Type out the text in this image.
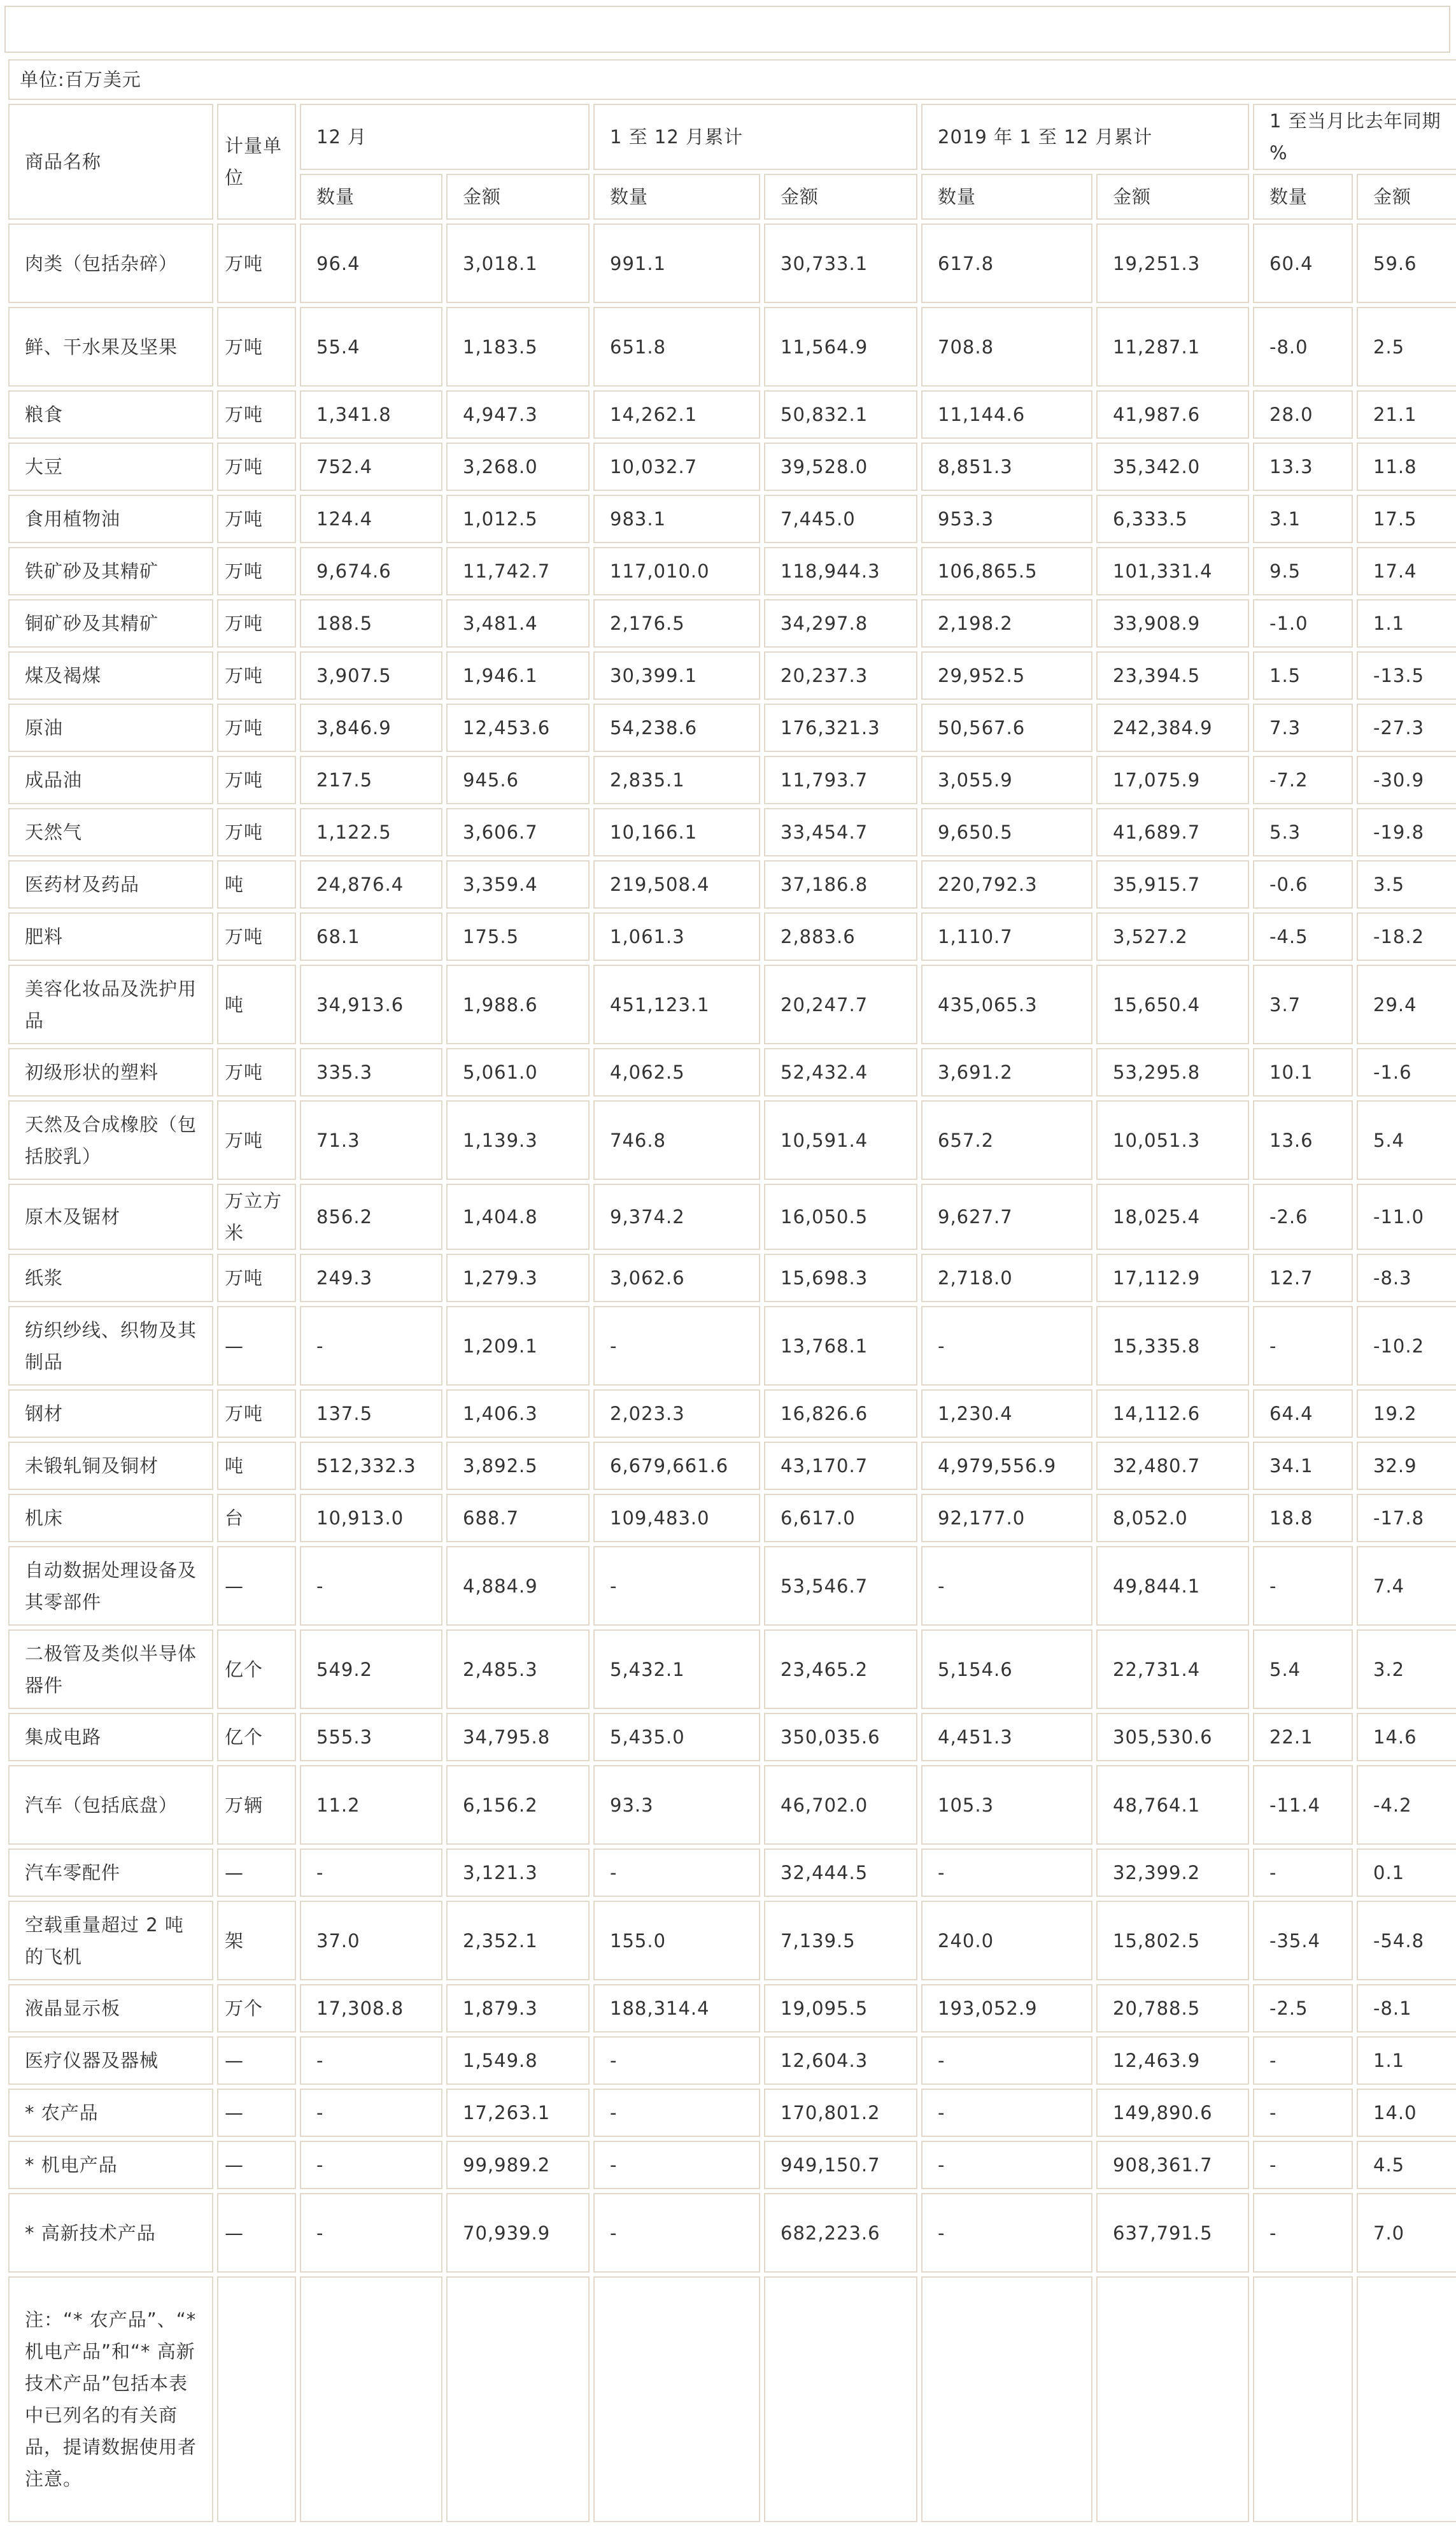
单位:百万美元									
商品名称	计量单位	12 月		1 至 12 月累计		2019 年 1 至 12 月累计		1 至当月比去年同期 %	
		数量	金额	数量	金额	数量	金额	数量	金额
肉类（包括杂碎）	万吨	96.4	3,018.1	991.1	30,733.1	617.8	19,251.3	60.4	59.6
鲜、干水果及坚果	万吨	55.4	1,183.5	651.8	11,564.9	708.8	11,287.1	-8.0	2.5
粮食	万吨	1,341.8	4,947.3	14,262.1	50,832.1	11,144.6	41,987.6	28.0	21.1
大豆	万吨	752.4	3,268.0	10,032.7	39,528.0	8,851.3	35,342.0	13.3	11.8
食用植物油	万吨	124.4	1,012.5	983.1	7,445.0	953.3	6,333.5	3.1	17.5
铁矿砂及其精矿	万吨	9,674.6	11,742.7	117,010.0	118,944.3	106,865.5	101,331.4	9.5	17.4
铜矿砂及其精矿	万吨	188.5	3,481.4	2,176.5	34,297.8	2,198.2	33,908.9	-1.0	1.1
煤及褐煤	万吨	3,907.5	1,946.1	30,399.1	20,237.3	29,952.5	23,394.5	1.5	-13.5
原油	万吨	3,846.9	12,453.6	54,238.6	176,321.3	50,567.6	242,384.9	7.3	-27.3
成品油	万吨	217.5	945.6	2,835.1	11,793.7	3,055.9	17,075.9	-7.2	-30.9
天然气	万吨	1,122.5	3,606.7	10,166.1	33,454.7	9,650.5	41,689.7	5.3	-19.8
医药材及药品	吨	24,876.4	3,359.4	219,508.4	37,186.8	220,792.3	35,915.7	-0.6	3.5
肥料	万吨	68.1	175.5	1,061.3	2,883.6	1,110.7	3,527.2	-4.5	-18.2
美容化妆品及洗护用品	吨	34,913.6	1,988.6	451,123.1	20,247.7	435,065.3	15,650.4	3.7	29.4
初级形状的塑料	万吨	335.3	5,061.0	4,062.5	52,432.4	3,691.2	53,295.8	10.1	-1.6
天然及合成橡胶（包括胶乳）	万吨	71.3	1,139.3	746.8	10,591.4	657.2	10,051.3	13.6	5.4
原木及锯材	万立方米	856.2	1,404.8	9,374.2	16,050.5	9,627.7	18,025.4	-2.6	-11.0
纸浆	万吨	249.3	1,279.3	3,062.6	15,698.3	2,718.0	17,112.9	12.7	-8.3
纺织纱线、织物及其制品	—	-	1,209.1	-	13,768.1	-	15,335.8	-	-10.2
钢材	万吨	137.5	1,406.3	2,023.3	16,826.6	1,230.4	14,112.6	64.4	19.2
未锻轧铜及铜材	吨	512,332.3	3,892.5	6,679,661.6	43,170.7	4,979,556.9	32,480.7	34.1	32.9
机床	台	10,913.0	688.7	109,483.0	6,617.0	92,177.0	8,052.0	18.8	-17.8
自动数据处理设备及其零部件	—	-	4,884.9	-	53,546.7	-	49,844.1	-	7.4
二极管及类似半导体器件	亿个	549.2	2,485.3	5,432.1	23,465.2	5,154.6	22,731.4	5.4	3.2
集成电路	亿个	555.3	34,795.8	5,435.0	350,035.6	4,451.3	305,530.6	22.1	14.6
汽车（包括底盘）	万辆	11.2	6,156.2	93.3	46,702.0	105.3	48,764.1	-11.4	-4.2
汽车零配件	—	-	3,121.3	-	32,444.5	-	32,399.2	-	0.1
空载重量超过 2 吨的飞机	架	37.0	2,352.1	155.0	7,139.5	240.0	15,802.5	-35.4	-54.8
液晶显示板	万个	17,308.8	1,879.3	188,314.4	19,095.5	193,052.9	20,788.5	-2.5	-8.1
医疗仪器及器械	—	-	1,549.8	-	12,604.3	-	12,463.9	-	1.1
* 农产品	—	-	17,263.1	-	170,801.2	-	149,890.6	-	14.0
* 机电产品	—	-	99,989.2	-	949,150.7	-	908,361.7	-	4.5
* 高新技术产品	—	-	70,939.9	-	682,223.6	-	637,791.5	-	7.0
注：“* 农产品”、“* 机电产品”和“* 高新技术产品”包括本表中已列名的有关商品，提请数据使用者注意。									
